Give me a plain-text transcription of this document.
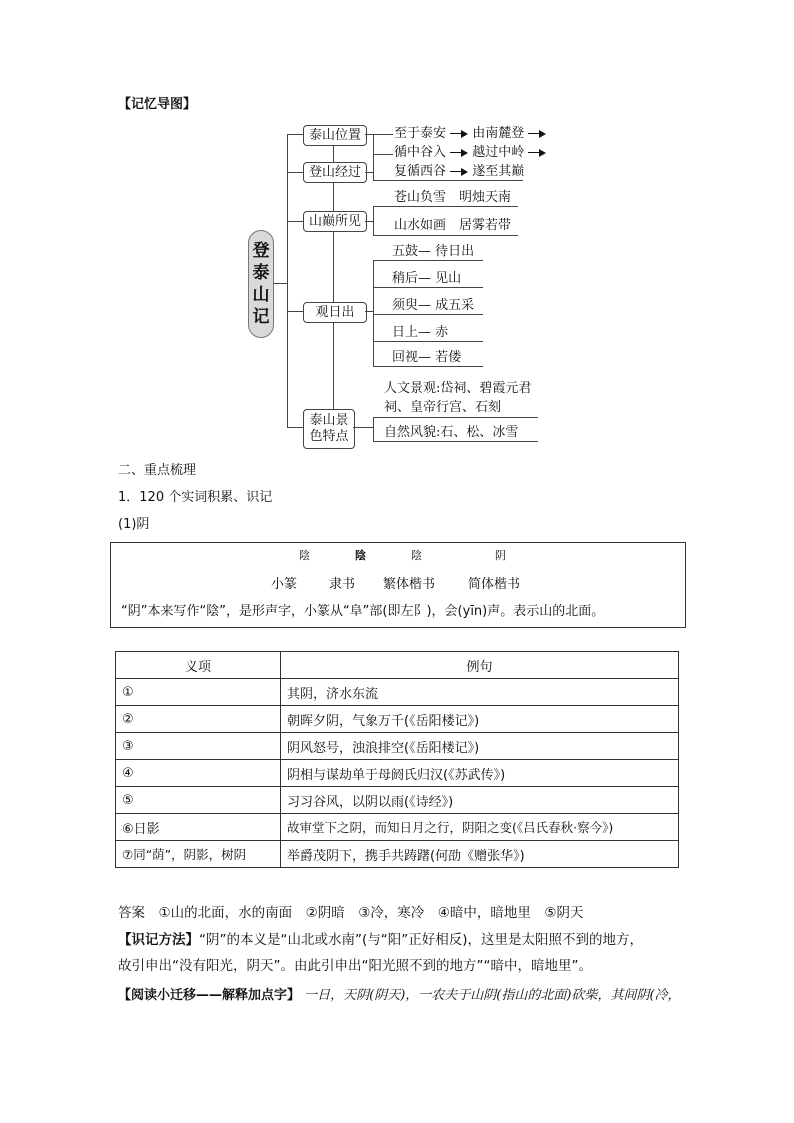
【记忆导图】
登
泰
山
记
泰山位置
登山经过
山巅所见
观日出
泰山景
色特点
至于泰安 由南麓登
循中谷入 越过中岭
复循西谷 遂至其巅
苍山负雪　明烛天南
山水如画　居雾若带
五鼓— 待日出
稍后— 见山
须臾— 成五采
日上— 赤
回视— 若偻
人文景观:岱祠、碧霞元君
祠、皇帝行宫、石刻
自然风貌:石、松、冰雪
二、重点梳理
1．120 个实词积累、识记
(1)阴
陰	陰	陰	阴
小篆	隶书	繁体楷书	简体楷书
“阴”本来写作“陰”，是形声字，小篆从“阜”部(即左阝)，会(yīn)声。表示山的北面。
义项	例句
①	其阴，济水东流
②	朝晖夕阴，气象万千(《岳阳楼记》)
③	阴风怒号，浊浪排空(《岳阳楼记》)
④	阴相与谋劫单于母阏氏归汉(《苏武传》)
⑤	习习谷风，以阴以雨(《诗经》)
⑥日影	故审堂下之阴，而知日月之行，阴阳之变(《吕氏春秋·察今》)
⑦同“荫”，阴影，树阴	举爵茂阴下，携手共踌躇(何劭《赠张华》)
答案　 ①山的北面，水的南面　②阴暗　③冷，寒冷　④暗中，暗地里　⑤阴天
【识记方法】“阴”的本义是“山北或水南”(与“阳”正好相反)，这里是太阳照不到的地方，
故引申出“没有阳光，阴天”。由此引申出“阳光照不到的地方”“暗中，暗地里”。
【阅读小迁移——解释加点字】 一日，天阴(阴天)，一农夫于山阴(指山的北面)砍柴，其间阴(冷，
